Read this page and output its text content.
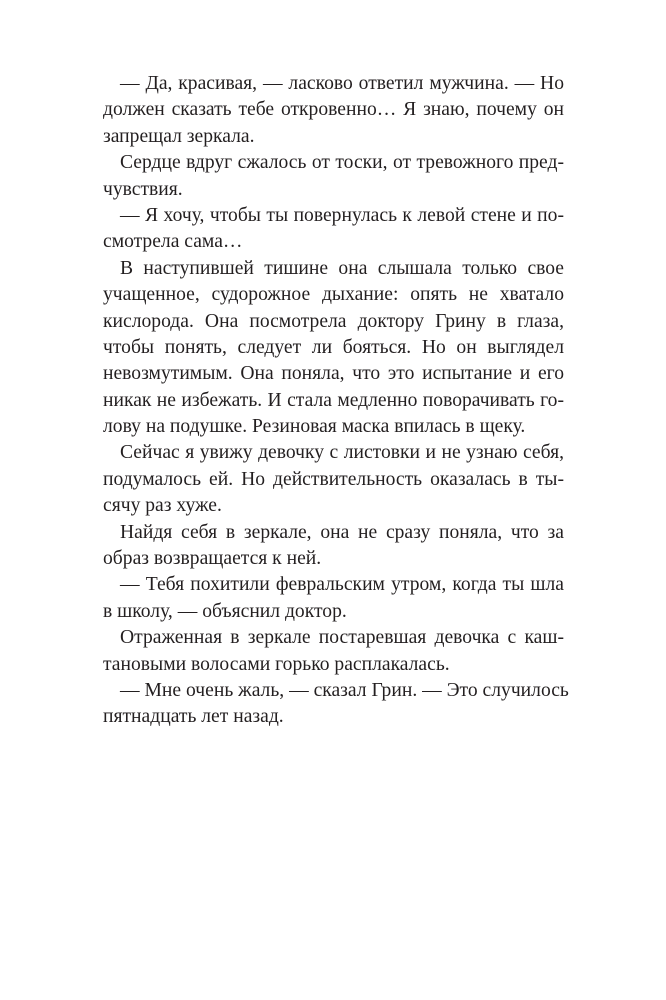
— Да, красивая, — ласково ответил мужчина. — Но
должен сказать тебе откровенно… Я знаю, почему он
запрещал зеркала.

Сердце вдруг сжалось от тоски, от тревожного пред-
чувствия.

— Я хочу, чтобы ты повернулась к левой стене и по-
смотрела сама…

В наступившей тишине она слышала только свое
учащенное, судорожное дыхание: опять не хватало
кислорода. Она посмотрела доктору Грину в глаза,
чтобы понять, следует ли бояться. Но он выглядел
невозмутимым. Она поняла, что это испытание и его
никак не избежать. И стала медленно поворачивать го-
лову на подушке. Резиновая маска впилась в щеку.

Сейчас я увижу девочку с листовки и не узнаю себя,
подумалось ей. Но действительность оказалась в ты-
сячу раз хуже.

Найдя себя в зеркале, она не сразу поняла, что за
образ возвращается к ней.

— Тебя похитили февральским утром, когда ты шла
в школу, — объяснил доктор.

Отраженная в зеркале постаревшая девочка с каш-
тановыми волосами горько расплакалась.

— Мне очень жаль, — сказал Грин. — Это случилось
пятнадцать лет назад.
